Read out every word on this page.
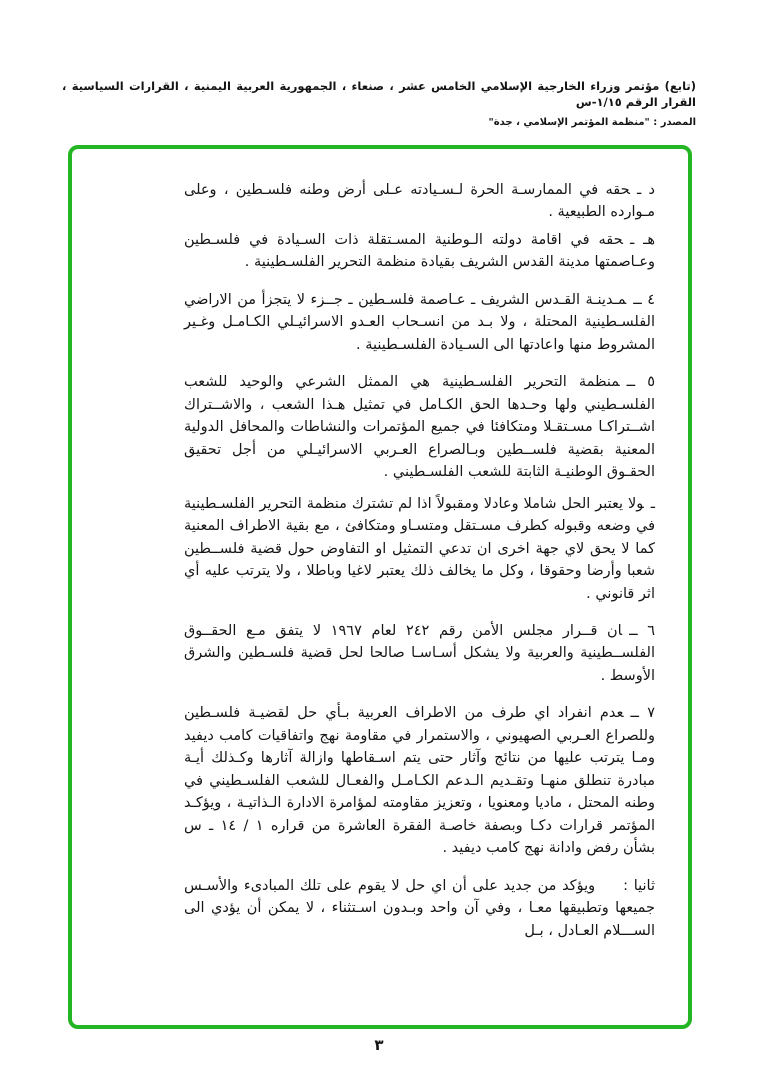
(تابع) مؤتمر وزراء الخارجية الإسلامي الخامس عشر ، صنعاء ، الجمهورية العربية اليمنية ، القرارات السياسية ، القرار الرقم ١/١٥-س
المصدر : "منظمة المؤتمر الإسلامي ، جدة"

د ـحقه في الممارسـة الحرة لـسـيادته عـلى أرض وطنه فلسـطين ، وعلى مـوارده الطبيعية .

هـ ـحقه في اقامة دولته الـوطنية المسـتقلة ذات السـيادة في فلسـطين وعـاصمتها مدينة القدس الشريف بقيادة منظمة التحرير الفلسـطينية .

٤ ــمـدينـة القـدس الشريف ـ عـاصمة فلسـطين ـ جــزء لا يتجزأ من الاراضي الفلسـطينية المحتلة ، ولا بـد من انسـحاب العـدو الاسرائيـلي الكـامـل وغـير المشروط منها واعادتها الى السـيادة الفلسـطينية .

٥ ــمنظمة التحرير الفلسـطينية هي الممثل الشرعي والوحيد للشعب الفلسـطيني ولها وحـدها الحق الكـامل في تمثيل هـذا الشعب ، والاشــتراك اشــتراكـا مسـتقـلا ومتكافئا في جميع المؤتمرات والنشاطات والمحافل الدولية المعنية بقضية فلســطين وبـالصراع العـربي الاسرائيـلي من أجل تحقيق الحقـوق الوطنيـة الثابتة للشعب الفلسـطيني .

ـولا يعتبر الحل شاملا وعادلا ومقبولاً اذا لم تشترك منظمة التحرير الفلسـطينية في وضعه وقبوله كطرف مسـتقل ومتسـاو ومتكافئ ، مع بقية الاطراف المعنية كما لا يحق لاي جهة اخرى ان تدعي التمثيل او التفاوض حول قضية فلســطين شعبا وأرضا وحقوقا ، وكل ما يخالف ذلك يعتبر لاغيا وباطلا ، ولا يترتب عليه أي اثر قانوني .

٦ ــان قــرار مجلس الأمن رقم ٢٤٢ لعام ١٩٦٧ لا يتفق مـع الحقــوق الفلســطينية والعربية ولا يشكل أسـاسـا صالحا لحل قضية فلسـطين والشرق الأوسط .

٧ ــعدم انفراد اي طرف من الاطراف العربية بـأي حل لقضيـة فلسـطين وللصراع العـربي الصهيوني ، والاستمرار في مقاومة نهج واتفاقيات كامب ديفيد ومـا يترتب عليها من نتائج وآثار حتى يتم اسـقاطها وازالة آثارها وكـذلك أيـة مبادرة تنطلق منهـا وتقـديم الـدعم الكـامـل والفعـال للشعب الفلسـطيني في وطنه المحتل ، ماديا ومعنويا ، وتعزيز مقاومته لمؤامرة الادارة الـذاتيـة ، ويؤكـد المؤتمر قرارات دكـا وبصفة خاصـة الفقرة العاشرة من قراره ١ / ١٤ ـ س بشأن رفض وادانة نهج كامب ديفيد .

ثانيا :ويؤكد من جديد على أن اي حل لا يقوم على تلك المبادىء والأسـس جميعها وتطبيقها معـا ، وفي آن واحد وبـدون اسـتثناء ، لا يمكن أن يؤدي الى الســـلام العـادل ، بـل

٣
